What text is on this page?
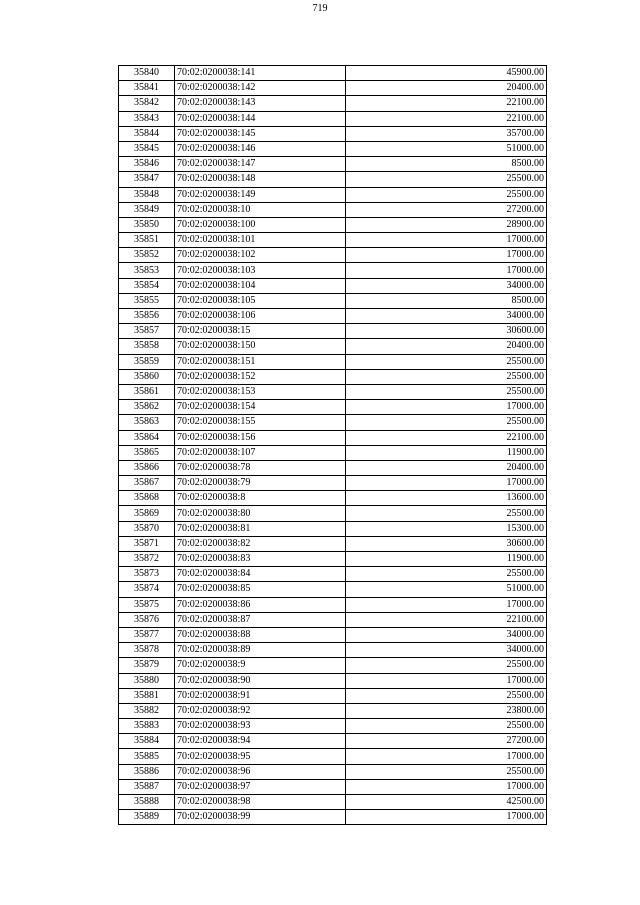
719
35840	70:02:0200038:141	45900.00
35841	70:02:0200038:142	20400.00
35842	70:02:0200038:143	22100.00
35843	70:02:0200038:144	22100.00
35844	70:02:0200038:145	35700.00
35845	70:02:0200038:146	51000.00
35846	70:02:0200038:147	8500.00
35847	70:02:0200038:148	25500.00
35848	70:02:0200038:149	25500.00
35849	70:02:0200038:10	27200.00
35850	70:02:0200038:100	28900.00
35851	70:02:0200038:101	17000.00
35852	70:02:0200038:102	17000.00
35853	70:02:0200038:103	17000.00
35854	70:02:0200038:104	34000.00
35855	70:02:0200038:105	8500.00
35856	70:02:0200038:106	34000.00
35857	70:02:0200038:15	30600.00
35858	70:02:0200038:150	20400.00
35859	70:02:0200038:151	25500.00
35860	70:02:0200038:152	25500.00
35861	70:02:0200038:153	25500.00
35862	70:02:0200038:154	17000.00
35863	70:02:0200038:155	25500.00
35864	70:02:0200038:156	22100.00
35865	70:02:0200038:107	11900.00
35866	70:02:0200038:78	20400.00
35867	70:02:0200038:79	17000.00
35868	70:02:0200038:8	13600.00
35869	70:02:0200038:80	25500.00
35870	70:02:0200038:81	15300.00
35871	70:02:0200038:82	30600.00
35872	70:02:0200038:83	11900.00
35873	70:02:0200038:84	25500.00
35874	70:02:0200038:85	51000.00
35875	70:02:0200038:86	17000.00
35876	70:02:0200038:87	22100.00
35877	70:02:0200038:88	34000.00
35878	70:02:0200038:89	34000.00
35879	70:02:0200038:9	25500.00
35880	70:02:0200038:90	17000.00
35881	70:02:0200038:91	25500.00
35882	70:02:0200038:92	23800.00
35883	70:02:0200038:93	25500.00
35884	70:02:0200038:94	27200.00
35885	70:02:0200038:95	17000.00
35886	70:02:0200038:96	25500.00
35887	70:02:0200038:97	17000.00
35888	70:02:0200038:98	42500.00
35889	70:02:0200038:99	17000.00
